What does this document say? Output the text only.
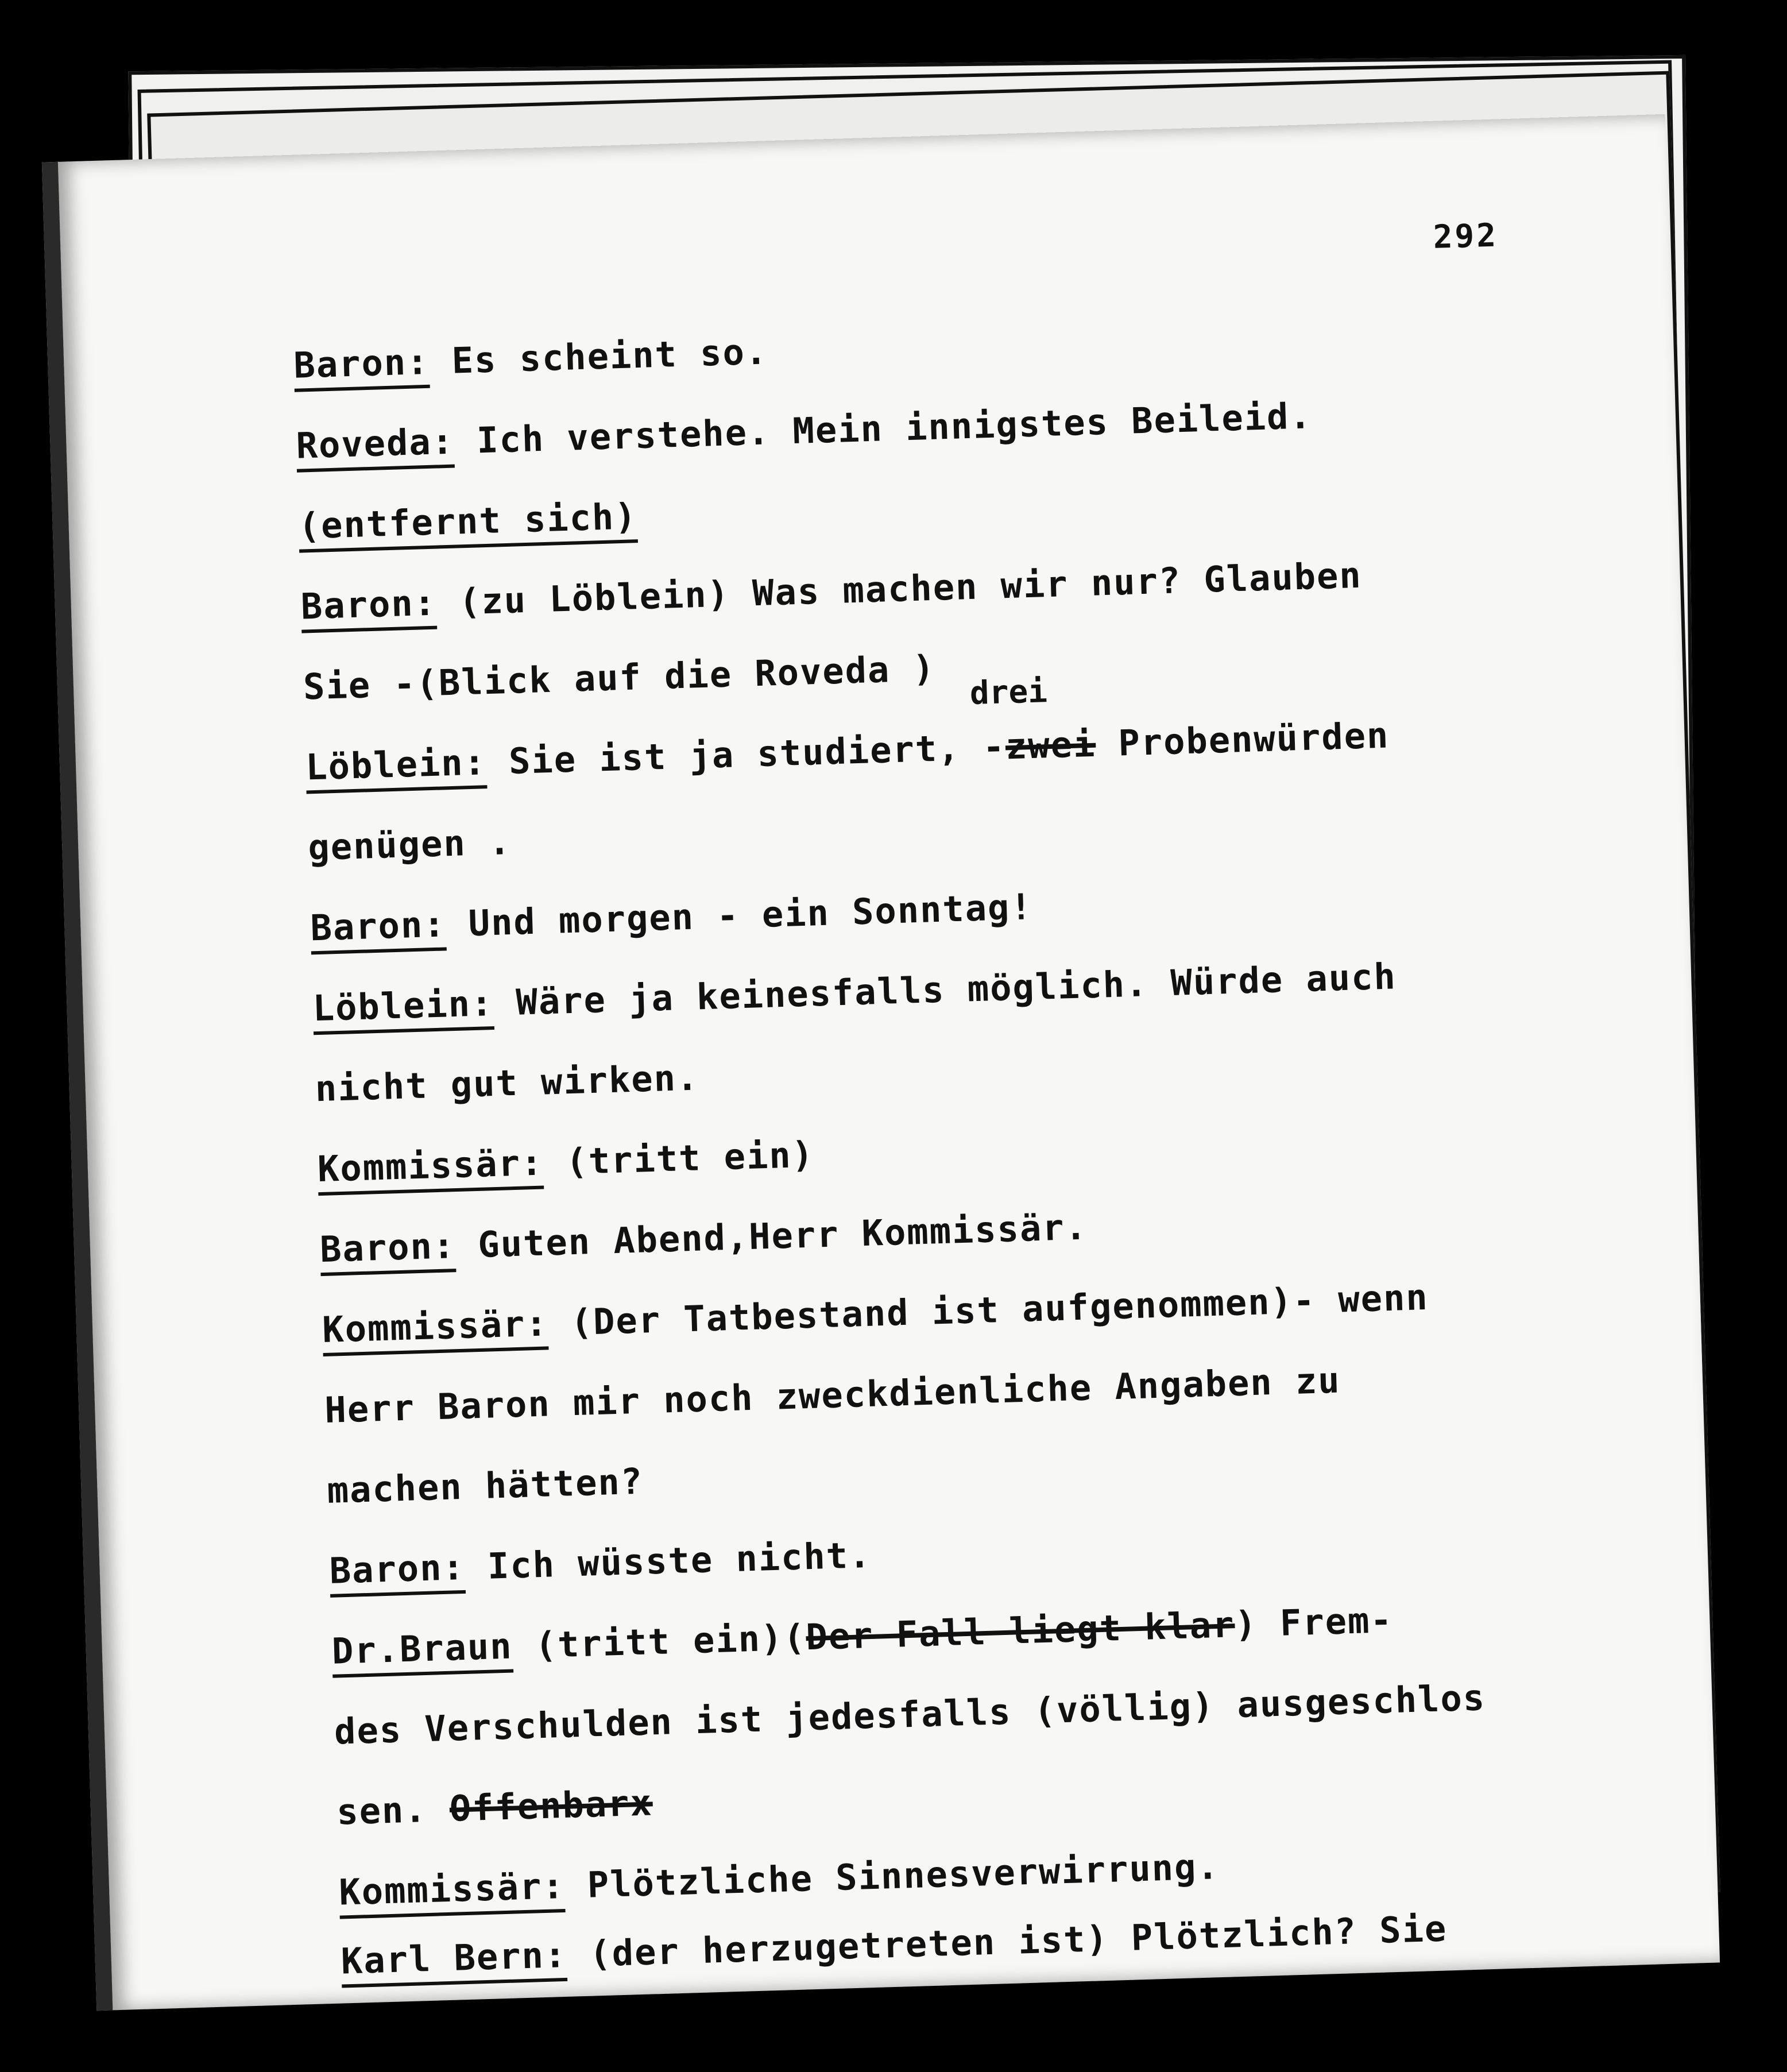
292
Baron: Es scheint so.
Roveda: Ich verstehe. Mein innigstes Beileid.
(entfernt sich)
Baron: (zu Löblein) Was machen wir nur? Glauben
Sie -(Blick auf die Roveda ) drei
Löblein: Sie ist ja studiert, -zwei Probenwürden
genügen .
Baron: Und morgen - ein Sonntag!
Löblein: Wäre ja keinesfalls möglich. Würde auch
nicht gut wirken.
Kommissär: (tritt ein)
Baron: Guten Abend,Herr Kommissär.
Kommissär: (Der Tatbestand ist aufgenommen)- wenn
Herr Baron mir noch zweckdienliche Angaben zu
machen hätten?
Baron: Ich wüsste nicht.
Dr.Braun (tritt ein)(Der Fall liegt klar) Frem-
des Verschulden ist jedesfalls (völlig) ausgeschlos
sen. Offenbarx
Kommissär: Plötzliche Sinnesverwirrung.
Karl Bern: (der herzugetreten ist) Plötzlich? Sie
